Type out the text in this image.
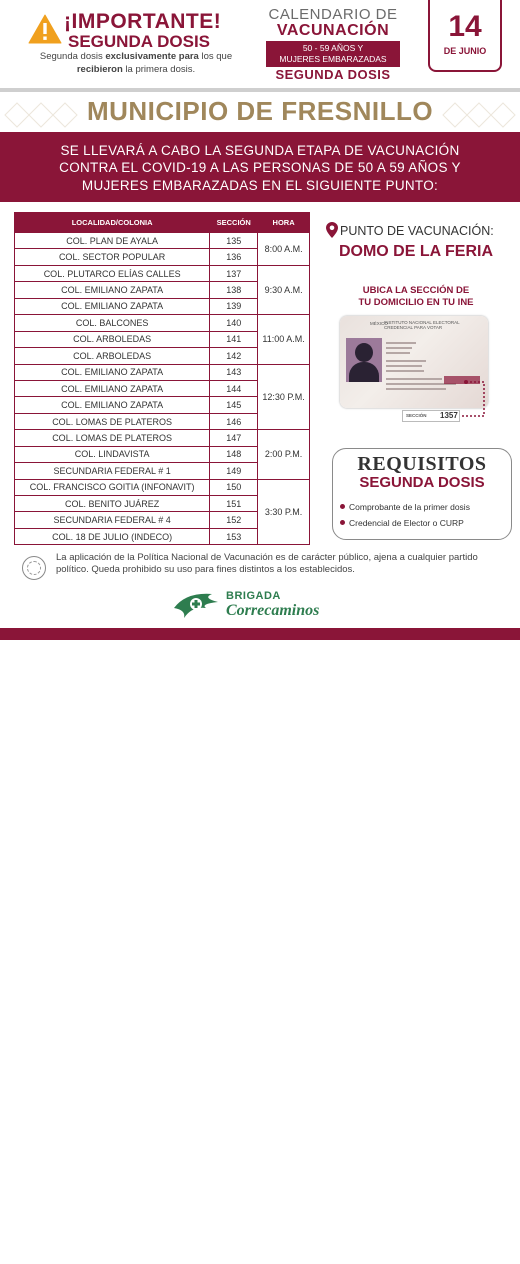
¡IMPORTANTE!
SEGUNDA DOSIS
Segunda dosis exclusivamente para los que
recibieron la primera dosis.
CALENDARIO DE
VACUNACIÓN
50 - 59 AÑOS Y
MUJERES EMBARAZADAS
SEGUNDA DOSIS
14
DE JUNIO
MUNICIPIO DE FRESNILLO
SE LLEVARÁ A CABO LA SEGUNDA ETAPA DE VACUNACIÓN
CONTRA EL COVID-19 A LAS PERSONAS DE 50 A 59 AÑOS Y
MUJERES EMBARAZADAS EN EL SIGUIENTE PUNTO:
LOCALIDAD/COLONIA	SECCIÓN	HORA
COL. PLAN DE AYALA	135	8:00 A.M.
COL. SECTOR POPULAR	136	
COL. PLUTARCO ELÍAS CALLES	137	9:30 A.M.
COL. EMILIANO ZAPATA	138	
COL. EMILIANO ZAPATA	139	
COL. BALCONES	140	11:00 A.M.
COL. ARBOLEDAS	141	
COL. ARBOLEDAS	142	
COL. EMILIANO ZAPATA	143	12:30 P.M.
COL. EMILIANO ZAPATA	144	
COL. EMILIANO ZAPATA	145	
COL. LOMAS DE PLATEROS	146	
COL. LOMAS DE PLATEROS	147	2:00 P.M.
COL. LINDAVISTA	148	
SECUNDARIA FEDERAL # 1	149	
COL. FRANCISCO GOITIA (INFONAVIT)	150	3:30 P.M.
COL. BENITO JUÁREZ	151	
SECUNDARIA FEDERAL # 4	152	
COL. 18 DE JULIO (INDECO)	153	
PUNTO DE VACUNACIÓN:
DOMO DE LA FERIA
UBICA LA SECCIÓN DE
TU DOMICILIO EN TU INE
MÉXICO
INSTITUTO NACIONAL ELECTORAL
CREDENCIAL PARA VOTAR
SECCIÓN 1357
REQUISITOS
SEGUNDA DOSIS
Comprobante de la primer dosis
Credencial de Elector o CURP
La aplicación de la Política Nacional de Vacunación es de carácter público, ajena a cualquier partido político. Queda prohibido su uso para fines distintos a los establecidos.
BRIGADA
Correcaminos
■ ● ■ ■ ●
